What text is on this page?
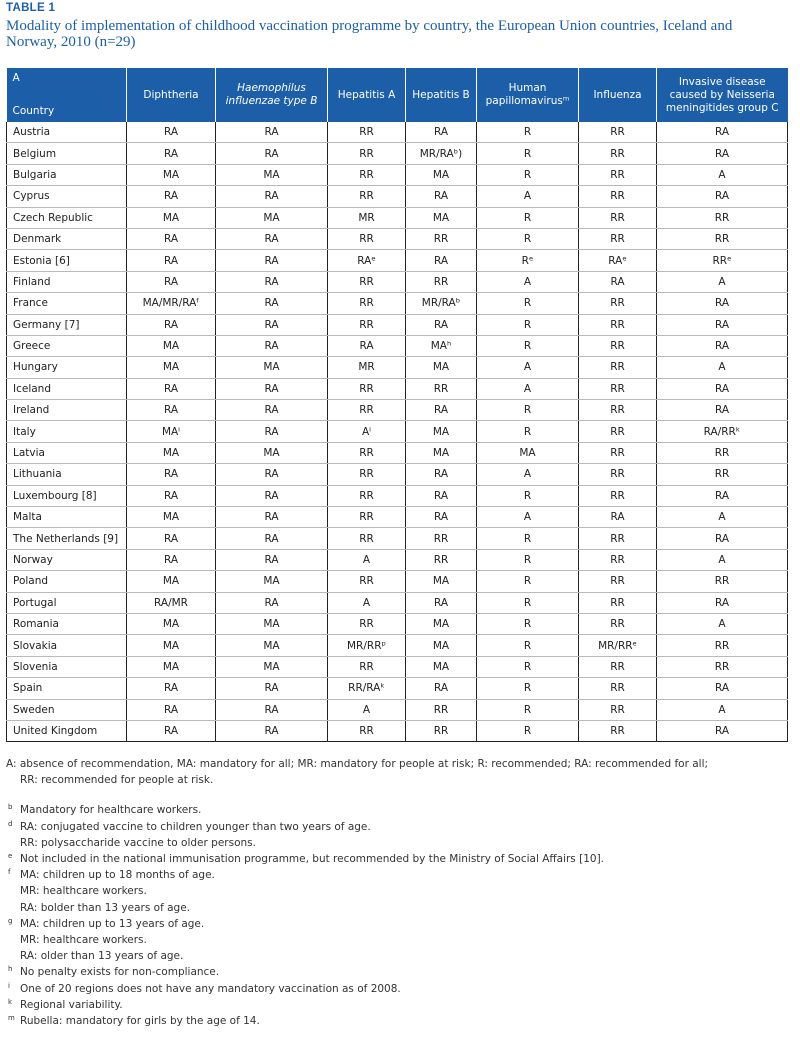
TABLE 1
Modality of implementation of childhood vaccination programme by country, the European Union countries, Iceland and Norway, 2010 (n=29)
A
Country	Diphtheria	Haemophilus influenzae type B	Hepatitis A	Hepatitis B	Human papillomavirusᵐ	Influenza	Invasive disease caused by Neisseria meningitides group C
Austria	RA	RA	RR	RA	R	RR	RA
Belgium	RA	RA	RR	MR/RAᵇ)	R	RR	RA
Bulgaria	MA	MA	RR	MA	R	RR	A
Cyprus	RA	RA	RR	RA	A	RR	RA
Czech Republic	MA	MA	MR	MA	R	RR	RR
Denmark	RA	RA	RR	RR	R	RR	RR
Estonia [6]	RA	RA	RAᵉ	RA	Rᵉ	RAᵉ	RRᵉ
Finland	RA	RA	RR	RR	A	RA	A
France	MA/MR/RAᶠ	RA	RR	MR/RAᵇ	R	RR	RA
Germany [7]	RA	RA	RR	RA	R	RR	RA
Greece	MA	RA	RA	MAʰ	R	RR	RA
Hungary	MA	MA	MR	MA	A	RR	A
Iceland	RA	RA	RR	RR	A	RR	RA
Ireland	RA	RA	RR	RA	R	RR	RA
Italy	MAⁱ	RA	Aⁱ	MA	R	RR	RA/RRᵏ
Latvia	MA	MA	RR	MA	MA	RR	RR
Lithuania	RA	RA	RR	RA	A	RR	RR
Luxembourg [8]	RA	RA	RR	RA	R	RR	RA
Malta	MA	RA	RR	RA	A	RA	A
The Netherlands [9]	RA	RA	RR	RR	R	RR	RA
Norway	RA	RA	A	RR	R	RR	A
Poland	MA	MA	RR	MA	R	RR	RR
Portugal	RA/MR	RA	A	RA	R	RR	RA
Romania	MA	MA	RR	MA	R	RR	A
Slovakia	MA	MA	MR/RRᵖ	MA	R	MR/RRᵉ	RR
Slovenia	MA	MA	RR	MA	R	RR	RR
Spain	RA	RA	RR/RAᵏ	RA	R	RR	RA
Sweden	RA	RA	A	RR	R	RR	A
United Kingdom	RA	RA	RR	RR	R	RR	RA
A: absence of recommendation, MA: mandatory for all; MR: mandatory for people at risk; R: recommended; RA: recommended for all;
RR: recommended for people at risk.
b Mandatory for healthcare workers.
d RA: conjugated vaccine to children younger than two years of age.
RR: polysaccharide vaccine to older persons.
e Not included in the national immunisation programme, but recommended by the Ministry of Social Affairs [10].
f MA: children up to 18 months of age.
MR: healthcare workers.
RA: bolder than 13 years of age.
g MA: children up to 13 years of age.
MR: healthcare workers.
RA: older than 13 years of age.
h No penalty exists for non-compliance.
i One of 20 regions does not have any mandatory vaccination as of 2008.
k Regional variability.
m Rubella: mandatory for girls by the age of 14.
